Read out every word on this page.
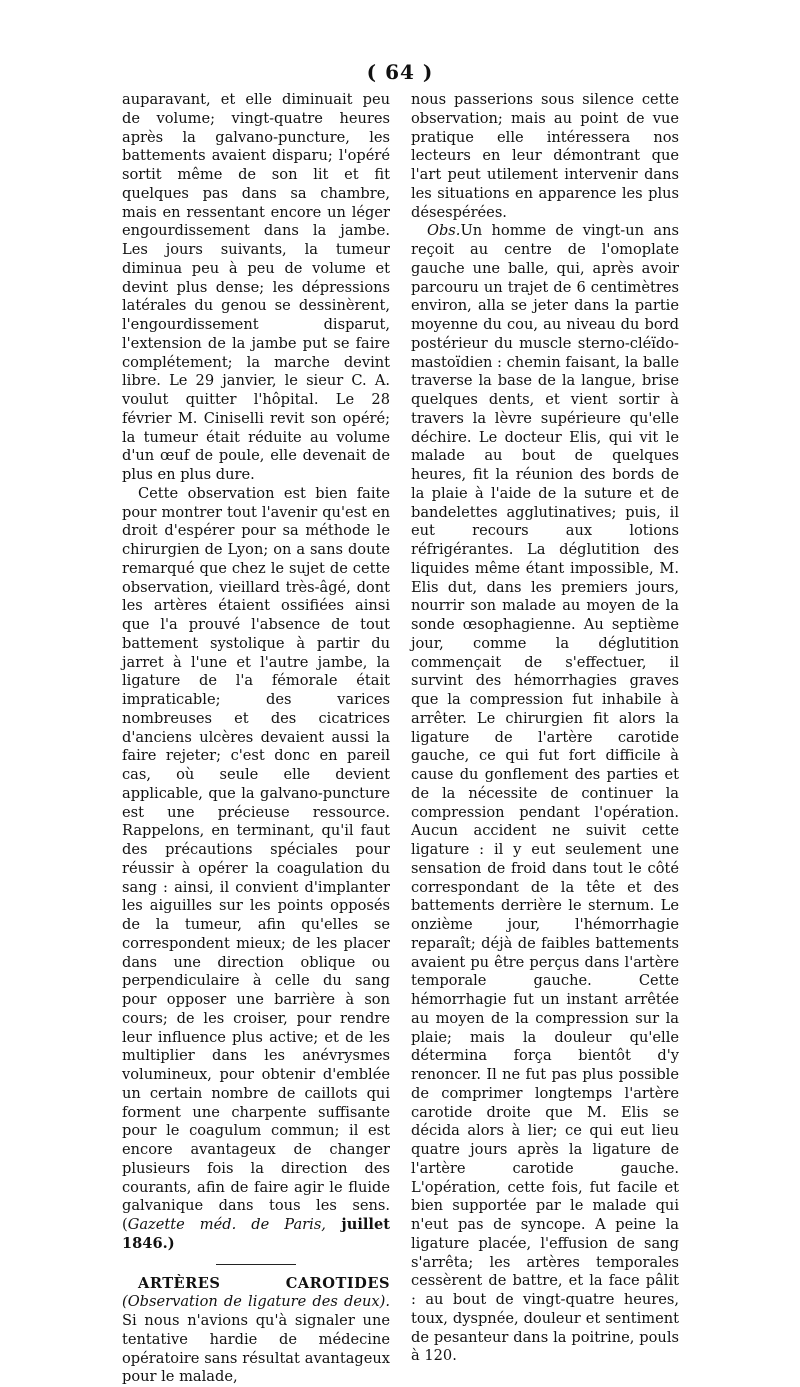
( 64 )

auparavant, et elle diminuait peu de volume; vingt-quatre heures après la galvano-puncture, les battements avaient disparu; l'opéré sortit même de son lit et fit quelques pas dans sa chambre, mais en ressentant encore un léger engourdissement dans la jambe. Les jours suivants, la tumeur diminua peu à peu de volume et devint plus dense; les dépressions latérales du genou se dessinèrent, l'engourdissement disparut, l'extension de la jambe put se faire complétement; la marche devint libre. Le 29 janvier, le sieur C. A. voulut quitter l'hôpital. Le 28 février M. Ciniselli revit son opéré; la tumeur était réduite au volume d'un œuf de poule, elle devenait de plus en plus dure.

Cette observation est bien faite pour montrer tout l'avenir qu'est en droit d'espérer pour sa méthode le chirurgien de Lyon; on a sans doute remarqué que chez le sujet de cette observation, vieillard très-âgé, dont les artères étaient ossifiées ainsi que l'a prouvé l'absence de tout battement systolique à partir du jarret à l'une et l'autre jambe, la ligature de l'a fémorale était impraticable; des varices nombreuses et des cicatrices d'anciens ulcères devaient aussi la faire rejeter; c'est donc en pareil cas, où seule elle devient applicable, que la galvano-puncture est une précieuse ressource. Rappelons, en terminant, qu'il faut des précautions spéciales pour réussir à opérer la coagulation du sang : ainsi, il convient d'implanter les aiguilles sur les points opposés de la tumeur, afin qu'elles se correspondent mieux; de les placer dans une direction oblique ou perpendiculaire à celle du sang pour opposer une barrière à son cours; de les croiser, pour rendre leur influence plus active; et de les multiplier dans les anévrysmes volumineux, pour obtenir d'emblée un certain nombre de caillots qui forment une charpente suffisante pour le coagulum commun; il est encore avantageux de changer plusieurs fois la direction des courants, afin de faire agir le fluide galvanique dans tous les sens. (Gazette méd. de Paris, juillet 1846.)

ARTÈRES CAROTIDES (Observation de ligature des deux). Si nous n'avions qu'à signaler une tentative hardie de médecine opératoire sans résultat avantageux pour le malade,

nous passerions sous silence cette observation; mais au point de vue pratique elle intéressera nos lecteurs en leur démontrant que l'art peut utilement intervenir dans les situations en apparence les plus désespérées.

Obs.Un homme de vingt-un ans reçoit au centre de l'omoplate gauche une balle, qui, après avoir parcouru un trajet de 6 centimètres environ, alla se jeter dans la partie moyenne du cou, au niveau du bord postérieur du muscle sterno-cléïdo-mastoïdien : chemin faisant, la balle traverse la base de la langue, brise quelques dents, et vient sortir à travers la lèvre supérieure qu'elle déchire. Le docteur Elis, qui vit le malade au bout de quelques heures, fit la réunion des bords de la plaie à l'aide de la suture et de bandelettes agglutinatives; puis, il eut recours aux lotions réfrigérantes. La déglutition des liquides même étant impossible, M. Elis dut, dans les premiers jours, nourrir son malade au moyen de la sonde œsophagienne. Au septième jour, comme la déglutition commençait de s'effectuer, il survint des hémorrhagies graves que la compression fut inhabile à arrêter. Le chirurgien fit alors la ligature de l'artère carotide gauche, ce qui fut fort difficile à cause du gonflement des parties et de la nécessite de continuer la compression pendant l'opération. Aucun accident ne suivit cette ligature : il y eut seulement une sensation de froid dans tout le côté correspondant de la tête et des battements derrière le sternum. Le onzième jour, l'hémorrhagie reparaît; déjà de faibles battements avaient pu être perçus dans l'artère temporale gauche. Cette hémorrhagie fut un instant arrêtée au moyen de la compression sur la plaie; mais la douleur qu'elle détermina força bientôt d'y renoncer. Il ne fut pas plus possible de comprimer longtemps l'artère carotide droite que M. Elis se décida alors à lier; ce qui eut lieu quatre jours après la ligature de l'artère carotide gauche. L'opération, cette fois, fut facile et bien supportée par le malade qui n'eut pas de syncope. A peine la ligature placée, l'effusion de sang s'arrêta; les artères temporales cessèrent de battre, et la face pâlit : au bout de vingt-quatre heures, toux, dyspnée, douleur et sentiment de pesanteur dans la poitrine, pouls à 120.
